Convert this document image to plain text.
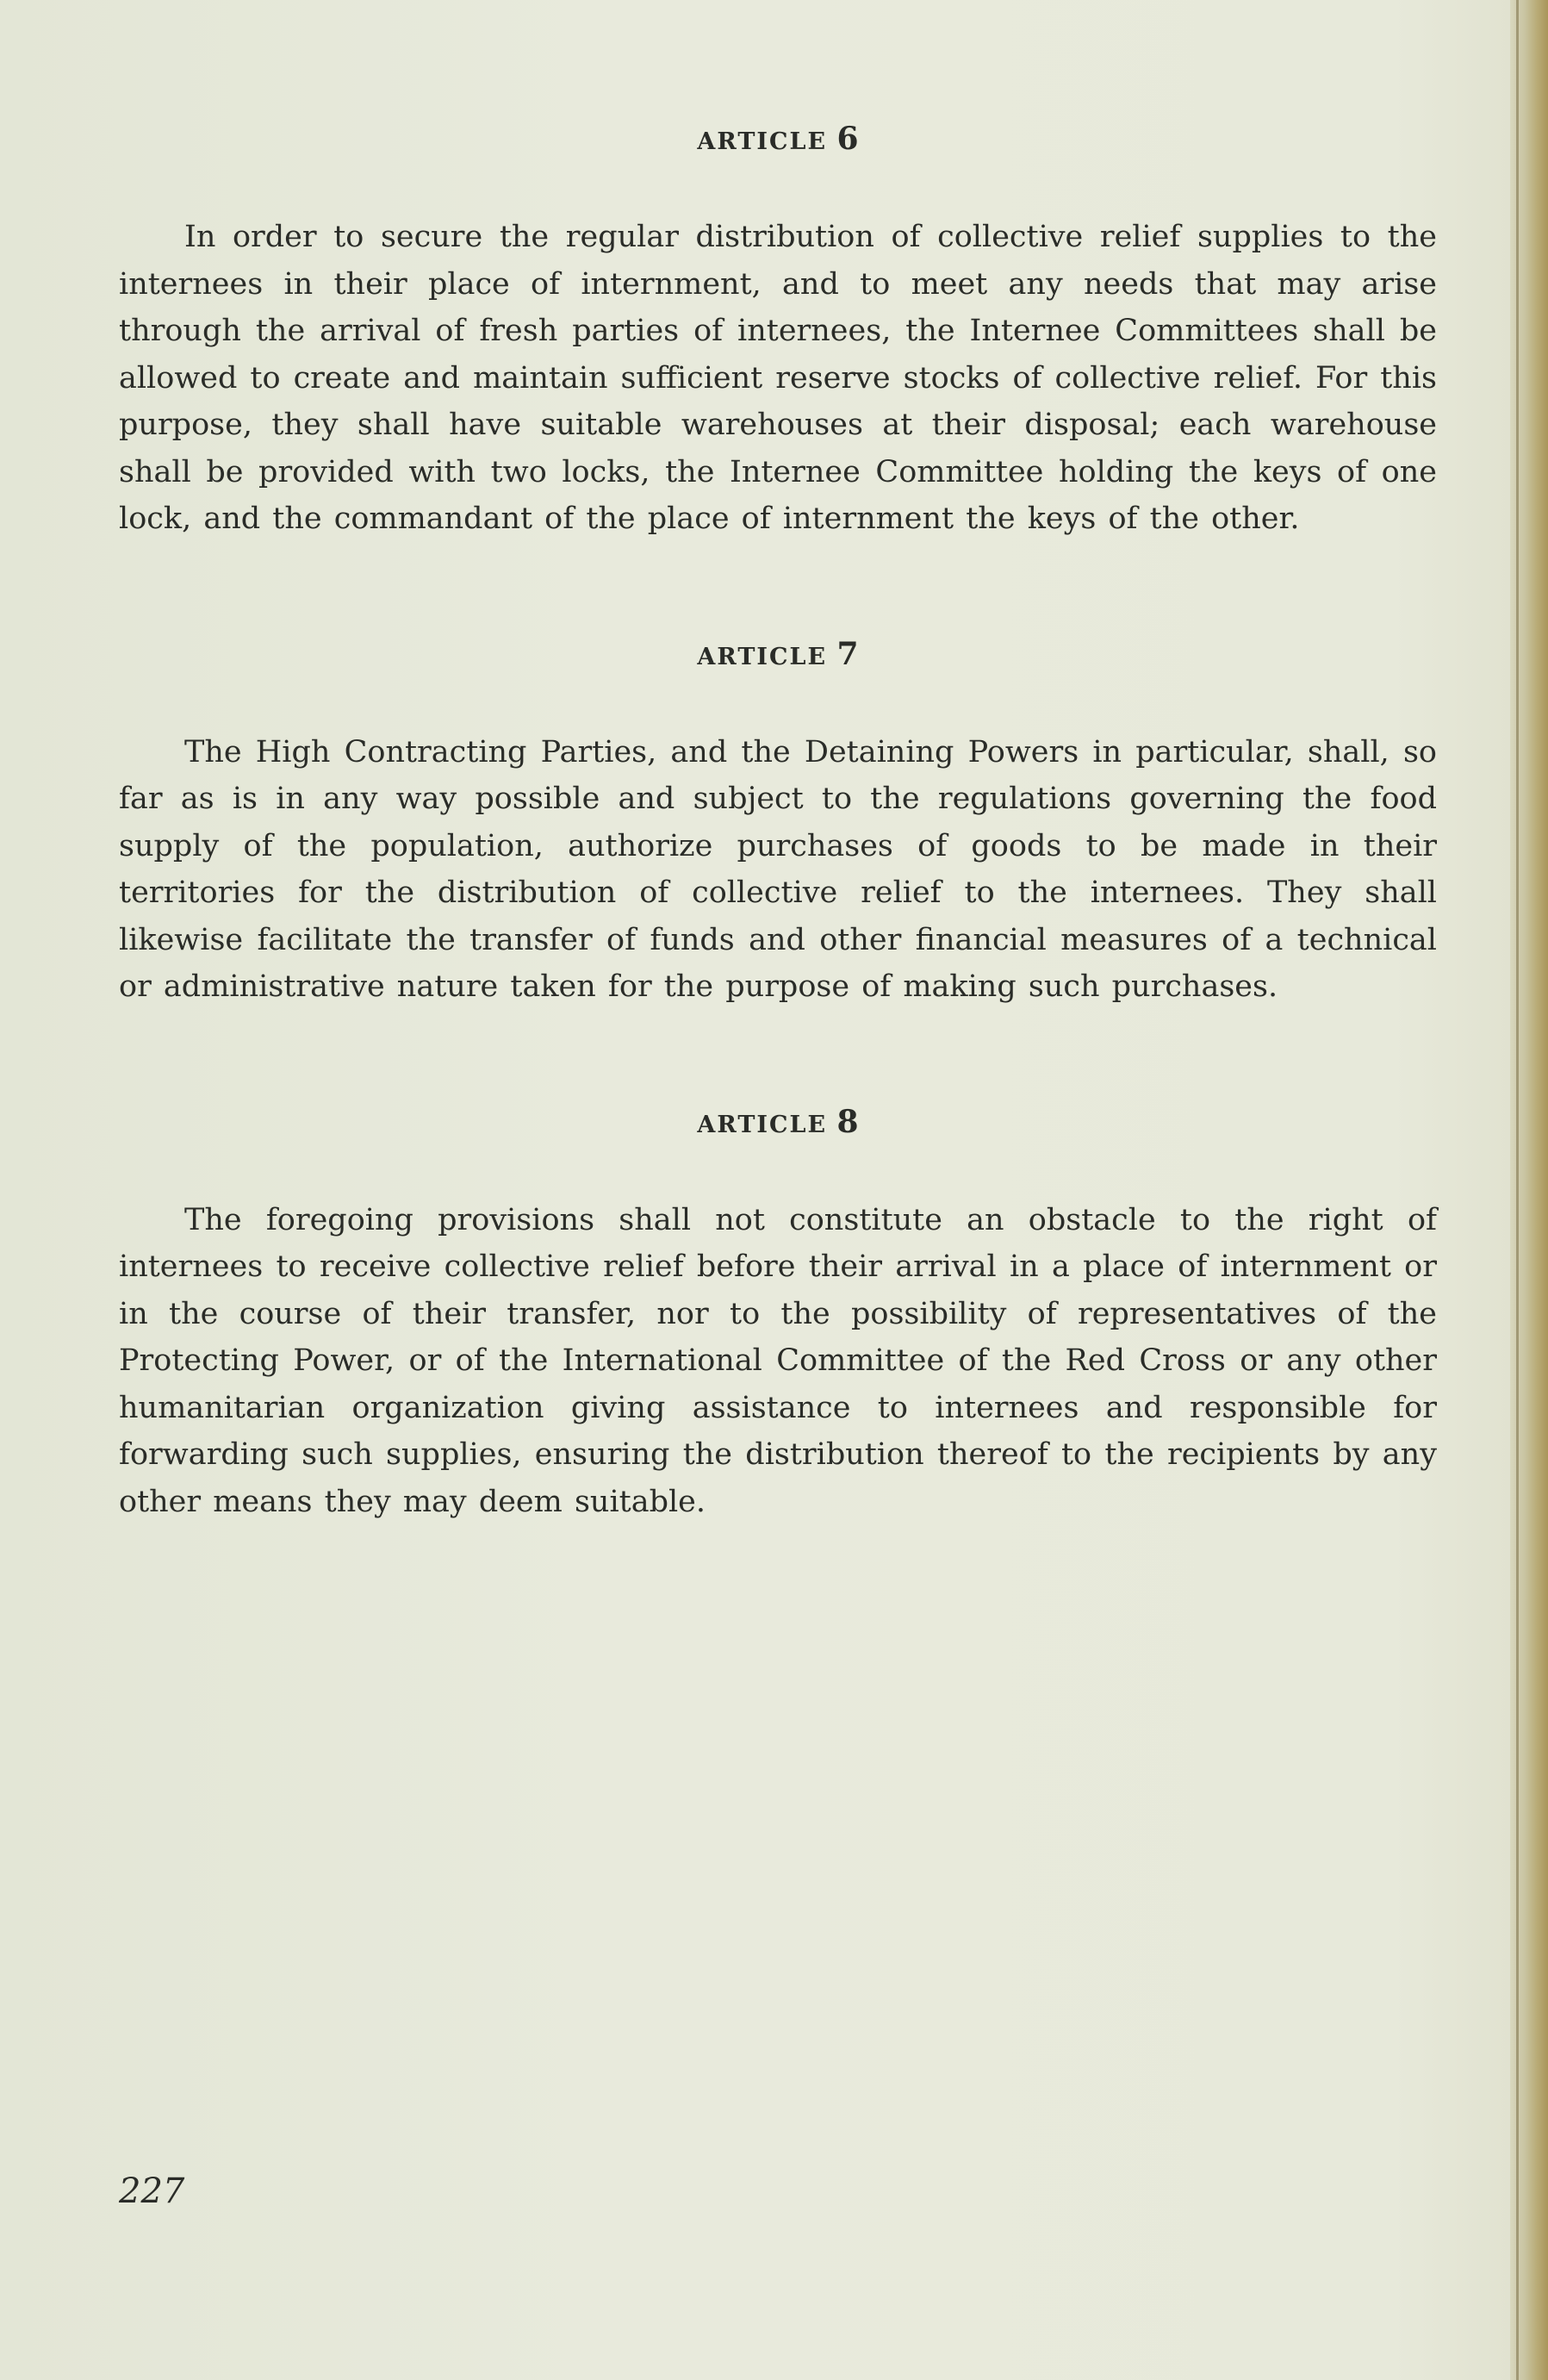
ARTICLE 6

In order to secure the regular distribution of collective relief supplies to the internees in their place of internment, and to meet any needs that may arise through the arrival of fresh parties of internees, the Internee Committees shall be allowed to create and maintain sufficient reserve stocks of collective relief. For this purpose, they shall have suitable warehouses at their disposal; each warehouse shall be provided with two locks, the Internee Committee holding the keys of one lock, and the commandant of the place of internment the keys of the other.

ARTICLE 7

The High Contracting Parties, and the Detaining Powers in particular, shall, so far as is in any way possible and subject to the regulations governing the food supply of the population, authorize purchases of goods to be made in their territories for the distribution of collective relief to the internees. They shall likewise facilitate the transfer of funds and other financial measures of a technical or administrative nature taken for the purpose of making such purchases.

ARTICLE 8

The foregoing provisions shall not constitute an obstacle to the right of internees to receive collective relief before their arrival in a place of internment or in the course of their transfer, nor to the possibility of representatives of the Protecting Power, or of the International Committee of the Red Cross or any other humanitarian organization giving assistance to internees and responsible for forwarding such supplies, ensuring the distribution thereof to the recipients by any other means they may deem suitable.

227
